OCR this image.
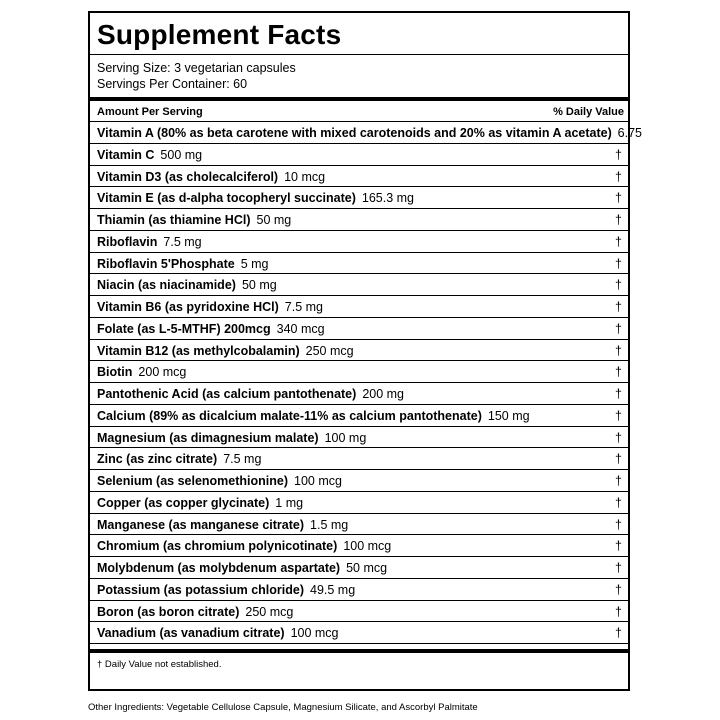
Supplement Facts
Serving Size: 3 vegetarian capsules
Servings Per Container: 60
Amount Per Serving	% Daily Value
Vitamin A (80% as beta carotene with mixed carotenoids and 20% as vitamin A acetate) 6.75
Vitamin C 500 mg	†
Vitamin D3 (as cholecalciferol) 10 mcg	†
Vitamin E (as d-alpha tocopheryl succinate) 165.3 mg	†
Thiamin (as thiamine HCl) 50 mg	†
Riboflavin 7.5 mg	†
Riboflavin 5'Phosphate 5 mg	†
Niacin (as niacinamide) 50 mg	†
Vitamin B6 (as pyridoxine HCl) 7.5 mg	†
Folate (as L-5-MTHF) 200mcg 340 mcg	†
Vitamin B12 (as methylcobalamin) 250 mcg	†
Biotin 200 mcg	†
Pantothenic Acid (as calcium pantothenate) 200 mg	†
Calcium (89% as dicalcium malate-11% as calcium pantothenate) 150 mg	†
Magnesium (as dimagnesium malate) 100 mg	†
Zinc (as zinc citrate) 7.5 mg	†
Selenium (as selenomethionine) 100 mcg	†
Copper (as copper glycinate) 1 mg	†
Manganese (as manganese citrate) 1.5 mg	†
Chromium (as chromium polynicotinate) 100 mcg	†
Molybdenum (as molybdenum aspartate) 50 mcg	†
Potassium (as potassium chloride) 49.5 mg	†
Boron (as boron citrate) 250 mcg	†
Vanadium (as vanadium citrate) 100 mcg	†
† Daily Value not established.
Other Ingredients: Vegetable Cellulose Capsule, Magnesium Silicate, and Ascorbyl Palmitate
